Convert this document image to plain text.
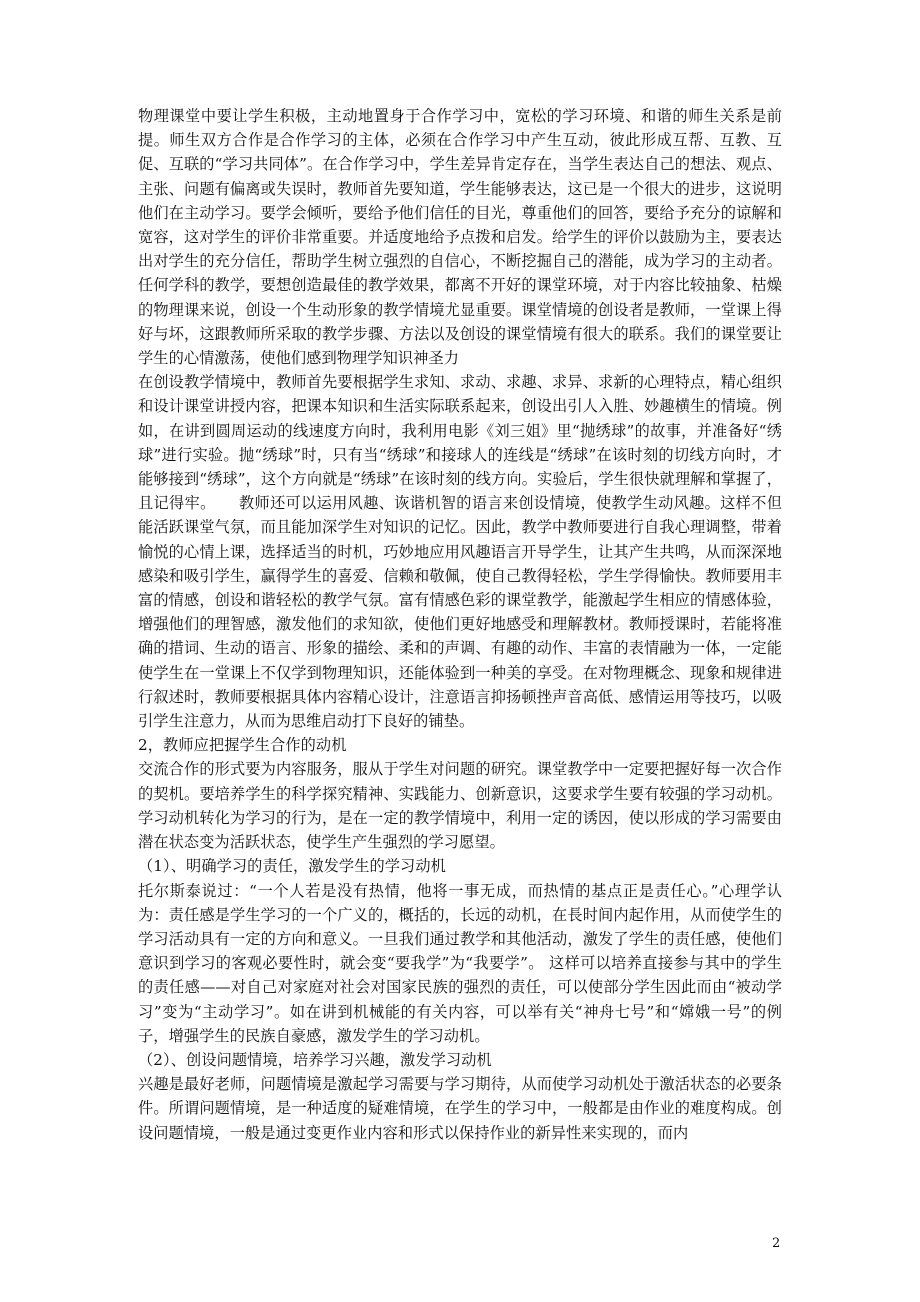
物理课堂中要让学生积极，主动地置身于合作学习中，宽松的学习环境、和谐的师生关系是前提。师生双方合作是合作学习的主体，必须在合作学习中产生互动，彼此形成互帮、互教、互促、互联的“学习共同体”。在合作学习中，学生差异肯定存在，当学生表达自己的想法、观点、主张、问题有偏离或失误时，教师首先要知道，学生能够表达，这已是一个很大的进步，这说明他们在主动学习。要学会倾听，要给予他们信任的目光，尊重他们的回答，要给予充分的谅解和宽容，这对学生的评价非常重要。并适度地给予点拨和启发。给学生的评价以鼓励为主，要表达出对学生的充分信任，帮助学生树立强烈的自信心，不断挖掘自己的潜能，成为学习的主动者。任何学科的教学，要想创造最佳的教学效果，都离不开好的课堂环境，对于内容比较抽象、枯燥的物理课来说，创设一个生动形象的教学情境尤显重要。课堂情境的创设者是教师，一堂课上得好与坏，这跟教师所采取的教学步骤、方法以及创设的课堂情境有很大的联系。我们的课堂要让学生的心情激荡，使他们感到物理学知识神圣力

在创设教学情境中，教师首先要根据学生求知、求动、求趣、求异、求新的心理特点，精心组织和设计课堂讲授内容，把课本知识和生活实际联系起来，创设出引人入胜、妙趣横生的情境。例如，在讲到圆周运动的线速度方向时，我利用电影《刘三姐》里“抛绣球”的故事，并准备好“绣球”进行实验。抛“绣球”时，只有当“绣球”和接球人的连线是“绣球”在该时刻的切线方向时，才能够接到“绣球”，这个方向就是“绣球”在该时刻的线方向。实验后，学生很快就理解和掌握了，且记得牢。　　教师还可以运用风趣、诙谐机智的语言来创设情境，使教学生动风趣。这样不但能活跃课堂气氛，而且能加深学生对知识的记忆。因此，教学中教师要进行自我心理调整，带着愉悦的心情上课，选择适当的时机，巧妙地应用风趣语言开导学生，让其产生共鸣，从而深深地感染和吸引学生，赢得学生的喜爱、信赖和敬佩，使自己教得轻松，学生学得愉快。教师要用丰富的情感，创设和谐轻松的教学气氛。富有情感色彩的课堂教学，能激起学生相应的情感体验，增强他们的理智感，激发他们的求知欲，使他们更好地感受和理解教材。教师授课时，若能将准确的措词、生动的语言、形象的描绘、柔和的声调、有趣的动作、丰富的表情融为一体，一定能使学生在一堂课上不仅学到物理知识，还能体验到一种美的享受。在对物理概念、现象和规律进行叙述时，教师要根据具体内容精心设计，注意语言抑扬顿挫声音高低、感情运用等技巧，以吸引学生注意力，从而为思维启动打下良好的铺垫。

2，教师应把握学生合作的动机

交流合作的形式要为内容服务，服从于学生对问题的研究。课堂教学中一定要把握好每一次合作的契机。要培养学生的科学探究精神、实践能力、创新意识，这要求学生要有较强的学习动机。学习动机转化为学习的行为，是在一定的教学情境中，利用一定的诱因，使以形成的学习需要由潜在状态变为活跃状态，使学生产生强烈的学习愿望。

（1）、明确学习的责任，激发学生的学习动机

托尔斯泰说过：“一个人若是没有热情，他将一事无成，而热情的基点正是责任心。”心理学认为：责任感是学生学习的一个广义的，概括的，长远的动机，在長时间内起作用，从而使学生的学习活动具有一定的方向和意义。一旦我们通过教学和其他活动，激发了学生的责任感，使他们意识到学习的客观必要性时，就会变“要我学”为“我要学”。 这样可以培养直接参与其中的学生的责任感——对自己对家庭对社会对国家民族的强烈的责任，可以使部分学生因此而由“被动学习”变为“主动学习”。如在讲到机械能的有关内容，可以举有关“神舟七号”和“嫦娥一号”的例子，增强学生的民族自豪感，激发学生的学习动机。

（2）、创设问题情境，培养学习兴趣，激发学习动机

兴趣是最好老师，问题情境是激起学习需要与学习期待，从而使学习动机处于激活状态的必要条件。所谓问题情境，是一种适度的疑难情境，在学生的学习中，一般都是由作业的难度构成。创设问题情境，一般是通过变更作业内容和形式以保持作业的新异性来实现的，而内

2
